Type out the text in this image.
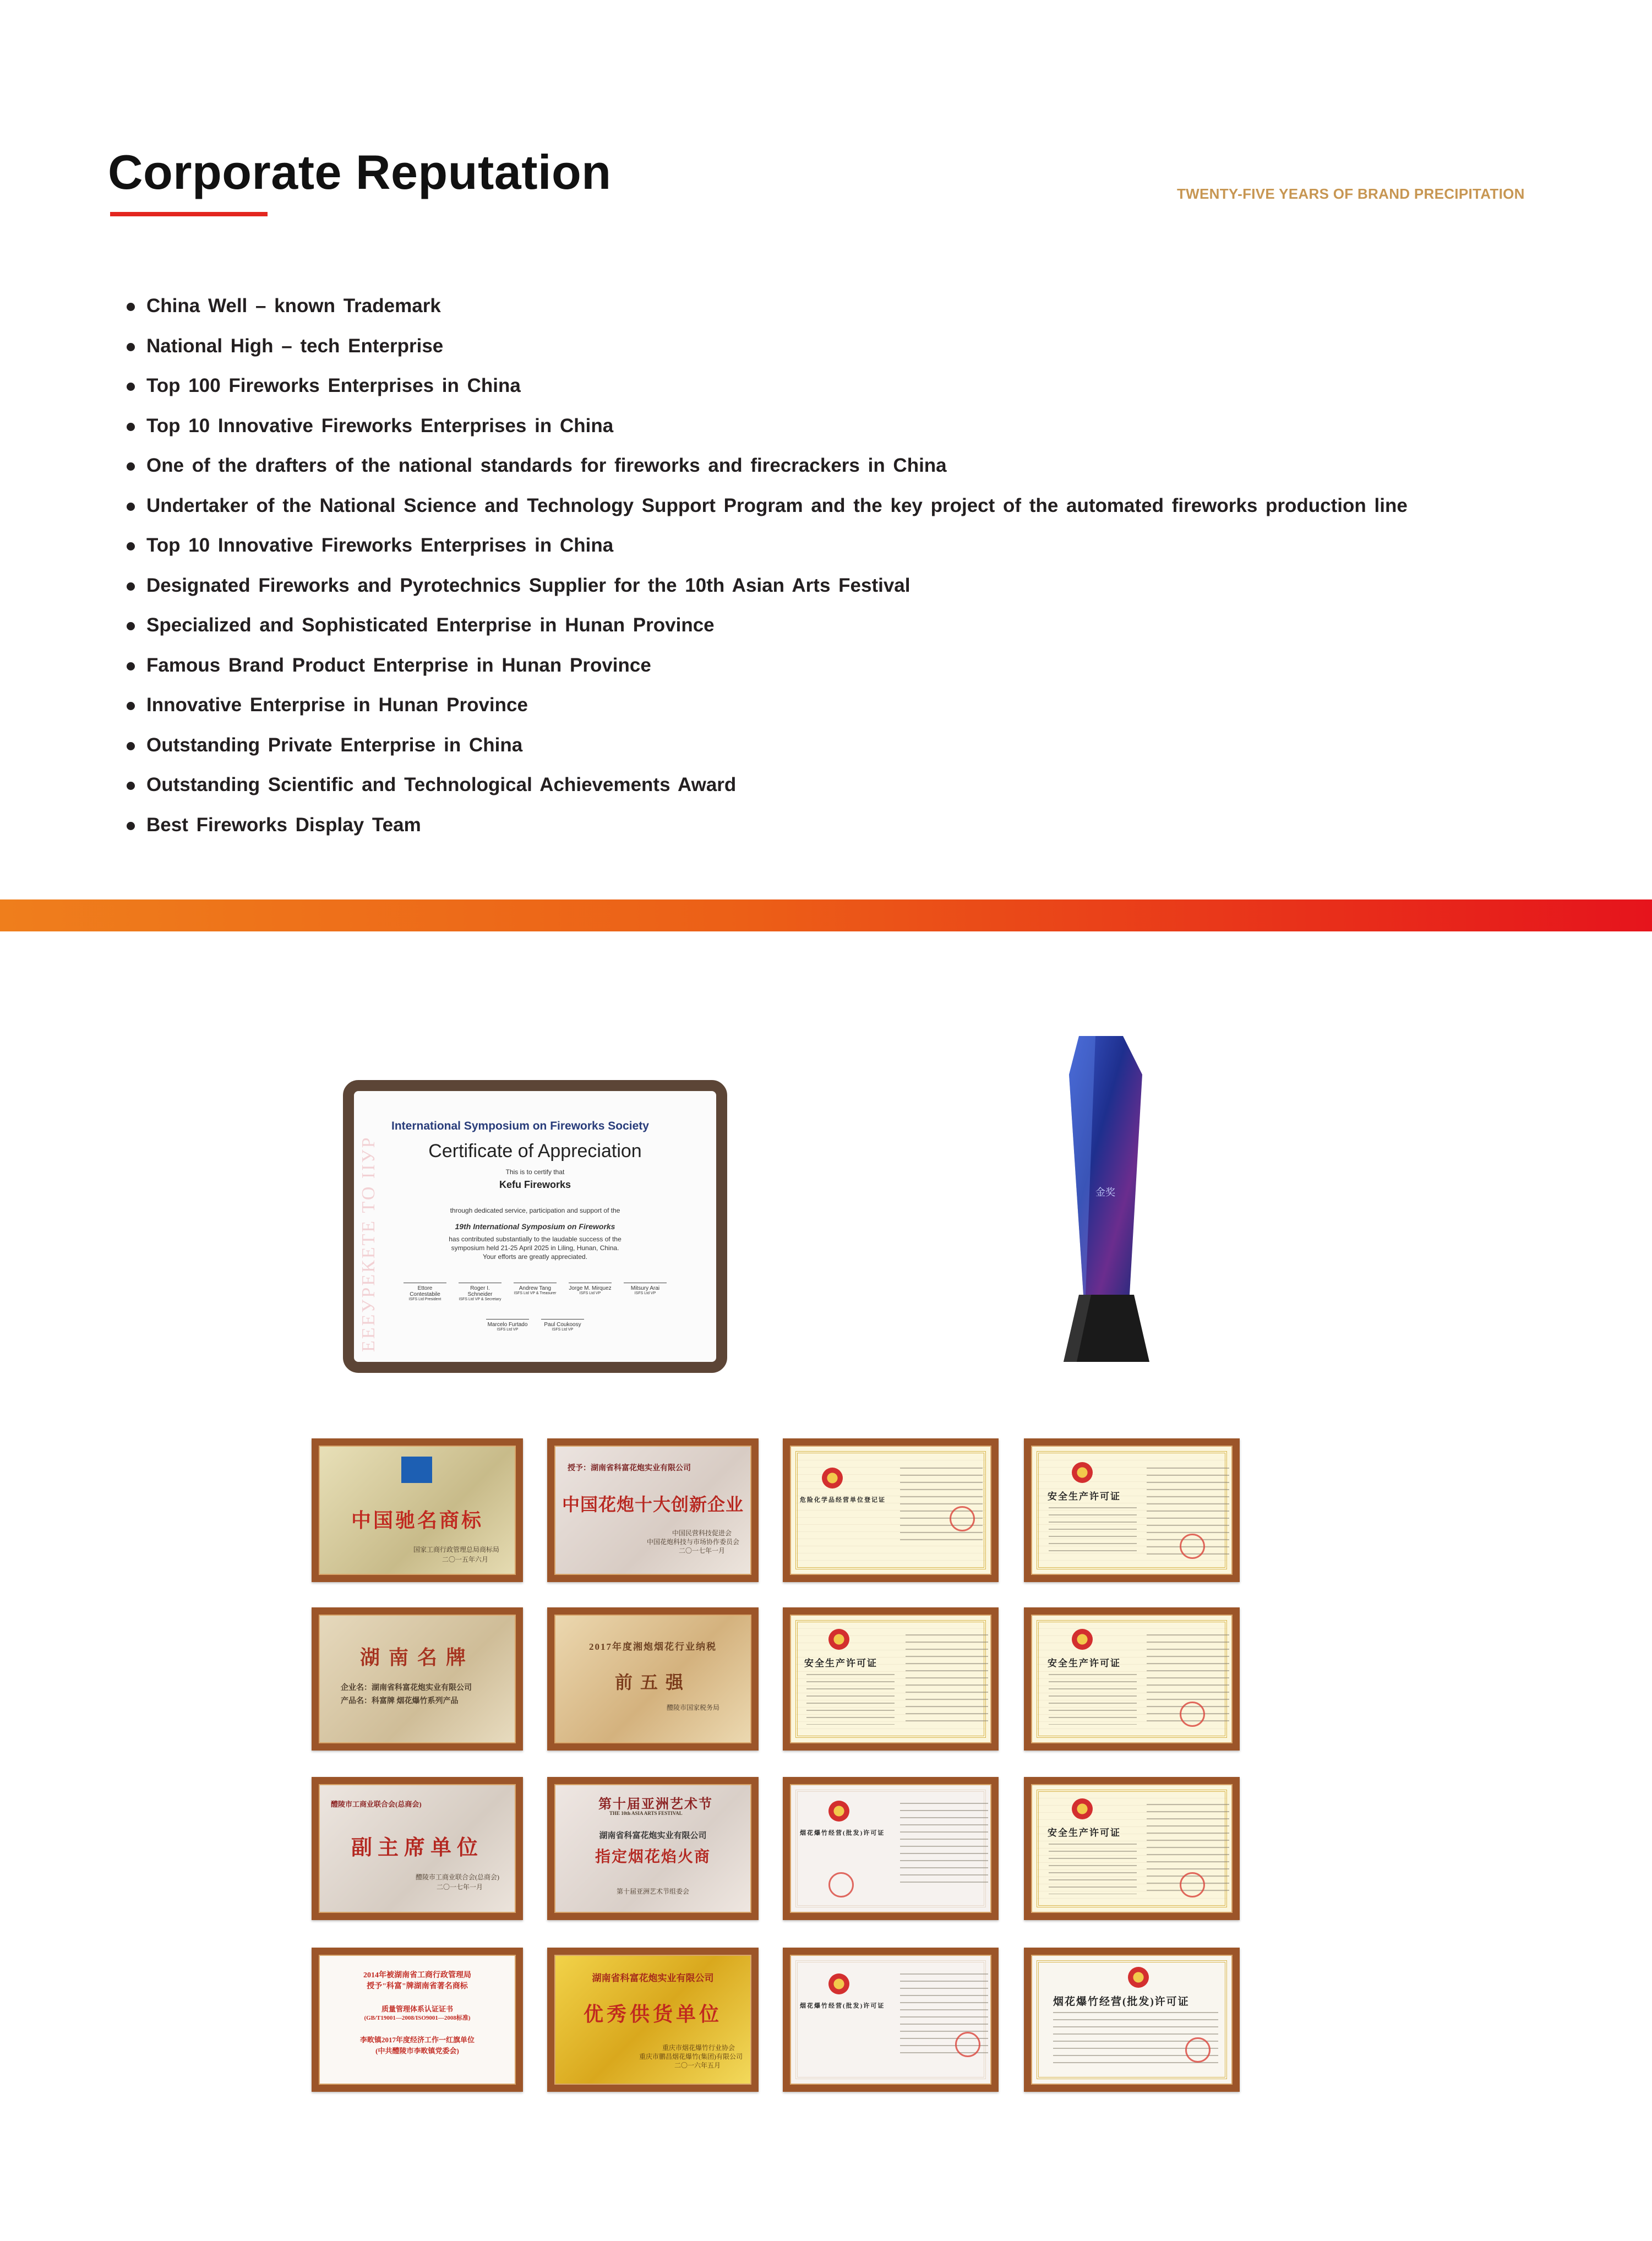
Corporate Reputation	TWENTY-FIVE YEARS OF BRAND PRECIPITATION
China Well – known Trademark
National High – tech Enterprise
Top 100 Fireworks Enterprises in China
Top 10 Innovative Fireworks Enterprises in China
One of the drafters of the national standards for fireworks and firecrackers in China
Undertaker of the National Science and Technology Support Program and the key project of the automated fireworks production line
Top 10 Innovative Fireworks Enterprises in China
Designated Fireworks and Pyrotechnics Supplier for the 10th Asian Arts Festival
Specialized and Sophisticated Enterprise in Hunan Province
Famous Brand Product Enterprise in Hunan Province
Innovative Enterprise in Hunan Province
Outstanding Private Enterprise in China
Outstanding Scientific and Technological Achievements Award
Best Fireworks Display Team
ЕЕЕУРЕКЕТЕ ТО IIУР
International Symposium on Fireworks Society
Certificate of Appreciation
This is to certify that
Kefu Fireworks
through dedicated service, participation and support of the
19th International Symposium on Fireworks
has contributed substantially to the laudable success of the
symposium held 21-25 April 2025 in Liling, Hunan, China.
Your efforts are greatly appreciated.
Ettore Contestabile
ISFS Ltd President
Roger I. Schneider
ISFS Ltd VP & Secretary
Andrew Tang
ISFS Ltd VP & Treasurer
Jorge M. Mirquez
ISFS Ltd VP
Mitsury Arai
ISFS Ltd VP
Marcelo Furtado
ISFS Ltd VP
Paul Coukoosy
ISFS Ltd VP
金奖
中国驰名商标
国家工商行政管理总局商标局
二〇一五年六月
授予：湖南省科富花炮实业有限公司
中国花炮十大创新企业
中国民营科技促进会
中国花炮科技与市场协作委员会
二〇一七年一月
危险化学品经营单位登记证	安全生产许可证
湖南名牌
企业名：湖南省科富花炮实业有限公司
产品名：科富牌 烟花爆竹系列产品
2017年度湘炮烟花行业纳税
前五强
醴陵市国家税务局
安全生产许可证	安全生产许可证
醴陵市工商业联合会(总商会)
副主席单位
醴陵市工商业联合会(总商会)
二〇一七年一月
第十届亚洲艺术节
THE 10th ASIA ARTS FESTIVAL
湖南省科富花炮实业有限公司
指定烟花焰火商
第十届亚洲艺术节组委会
烟花爆竹经营(批发)许可证	安全生产许可证
2014年被湖南省工商行政管理局
授予"科富"牌湖南省著名商标
质量管理体系认证证书
(GB/T19001—2008/ISO9001—2008标准)
李畋镇2017年度经济工作一红旗单位
(中共醴陵市李畋镇党委会)
湖南省科富花炮实业有限公司
优秀供货单位
重庆市烟花爆竹行业协会
重庆市鹏昌烟花爆竹(集团)有限公司
二〇一六年五月
烟花爆竹经营(批发)许可证	烟花爆竹经营(批发)许可证
